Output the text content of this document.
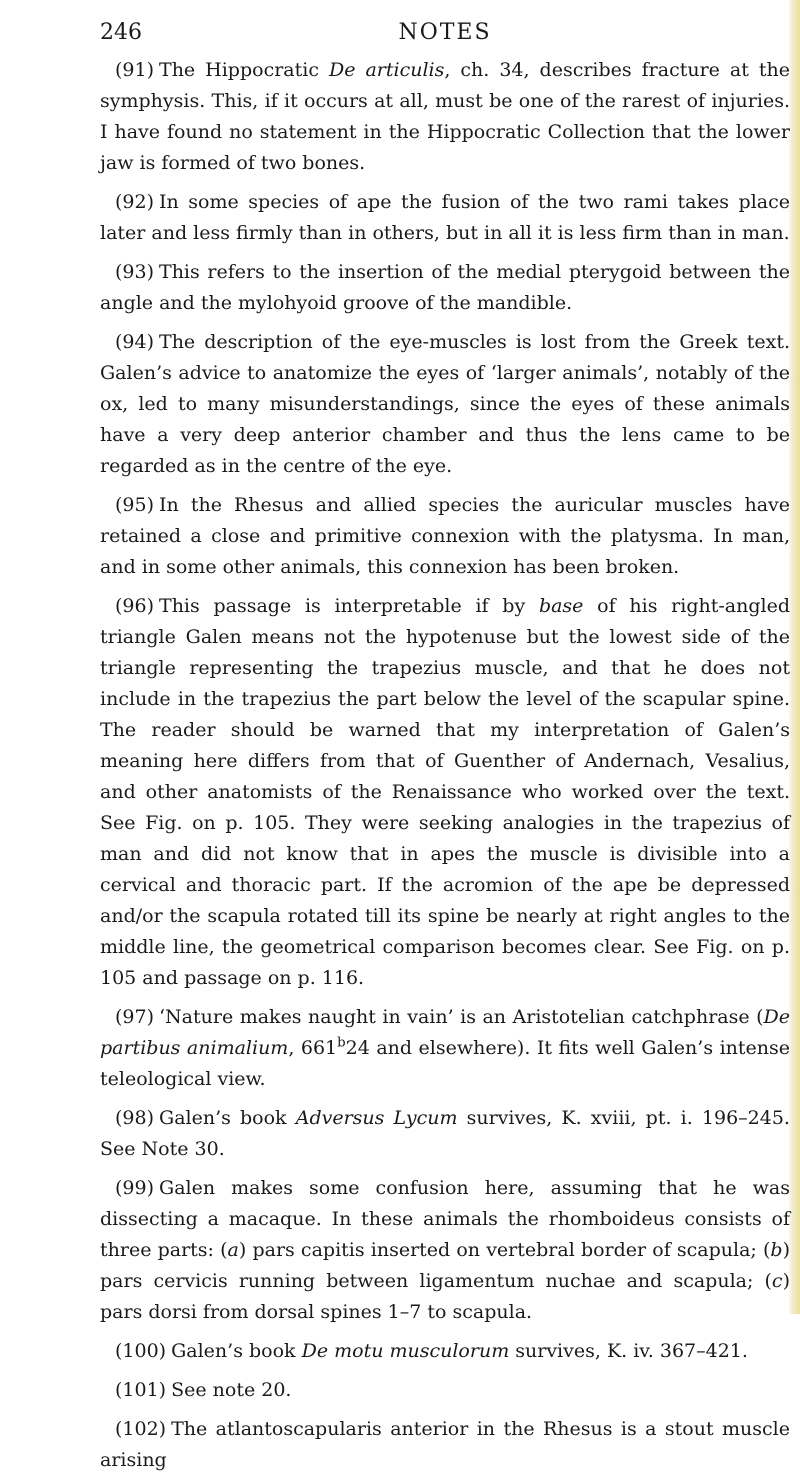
246	NOTES

(91) The Hippocratic De articulis, ch. 34, describes fracture at the symphysis. This, if it occurs at all, must be one of the rarest of injuries. I have found no statement in the Hippocratic Collection that the lower jaw is formed of two bones.

(92) In some species of ape the fusion of the two rami takes place later and less firmly than in others, but in all it is less firm than in man.

(93) This refers to the insertion of the medial pterygoid between the angle and the mylohyoid groove of the mandible.

(94) The description of the eye-muscles is lost from the Greek text. Galen’s advice to anatomize the eyes of ‘larger animals’, notably of the ox, led to many misunderstandings, since the eyes of these animals have a very deep anterior chamber and thus the lens came to be regarded as in the centre of the eye.

(95) In the Rhesus and allied species the auricular muscles have retained a close and primitive connexion with the platysma. In man, and in some other animals, this connexion has been broken.

(96) This passage is interpretable if by base of his right-angled triangle Galen means not the hypotenuse but the lowest side of the triangle representing the trapezius muscle, and that he does not include in the trapezius the part below the level of the scapular spine. The reader should be warned that my interpretation of Galen’s meaning here differs from that of Guenther of Andernach, Vesalius, and other anatomists of the Renaissance who worked over the text. See Fig. on p. 105. They were seeking analogies in the trapezius of man and did not know that in apes the muscle is divisible into a cervical and thoracic part. If the acromion of the ape be depressed and/or the scapula rotated till its spine be nearly at right angles to the middle line, the geometrical comparison becomes clear. See Fig. on p. 105 and passage on p. 116.

(97) ‘Nature makes naught in vain’ is an Aristotelian catchphrase (De partibus animalium, 661$^b$24 and elsewhere). It fits well Galen’s intense teleological view.

(98) Galen’s book Adversus Lycum survives, K. xviii, pt. i. 196–245. See Note 30.

(99) Galen makes some confusion here, assuming that he was dissecting a macaque. In these animals the rhomboideus consists of three parts: (a) pars capitis inserted on vertebral border of scapula; (b) pars cervicis running between ligamentum nuchae and scapula; (c) pars dorsi from dorsal spines 1–7 to scapula.

(100) Galen’s book De motu musculorum survives, K. iv. 367–421.

(101) See note 20.

(102) The atlantoscapularis anterior in the Rhesus is a stout muscle arising
